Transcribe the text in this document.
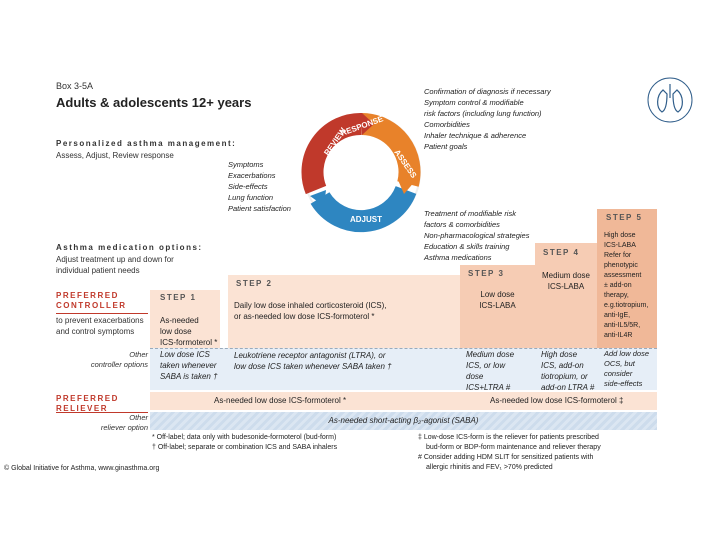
Box 3-5A
Adults & adolescents 12+ years
Personalized asthma management:
Assess, Adjust, Review response	REVIEW
RESPONSE
ASSESS
ADJUST
Confirmation of diagnosis if necessary
Symptom control & modifiable
risk factors (including lung function)
Comorbidities
Inhaler technique & adherence
Patient goals
Symptoms
Exacerbations
Side-effects
Lung function
Patient satisfaction
Treatment of modifiable risk
factors & comorbidities
Non-pharmacological strategies
Education & skills training
Asthma medications
Asthma medication options:
Adjust treatment up and down for
individual patient needs
STEP 1
STEP 2
STEP 3
STEP 4
STEP 5
PREFERRED
CONTROLLER
to prevent exacerbations
and control symptoms
As-needed
low dose
ICS-formoterol *
Daily low dose inhaled corticosteroid (ICS),
or as-needed low dose ICS-formoterol *
Low dose
ICS-LABA
Medium dose
ICS-LABA
High dose
ICS-LABA
Refer for
phenotypic
assessment
± add-on
therapy,
e.g.tiotropium,
anti-IgE,
anti-IL5/5R,
anti-IL4R
Other
controller options
Low dose ICS
taken whenever
SABA is taken †
Leukotriene receptor antagonist (LTRA), or
low dose ICS taken whenever SABA taken †
Medium dose
ICS, or low
dose
ICS+LTRA #
High dose
ICS, add-on
tiotropium, or
add-on LTRA #
Add low dose
OCS, but
consider
side-effects
PREFERRED
RELIEVER
As-needed low dose ICS-formoterol *	As-needed low dose ICS-formoterol ‡
Other
reliever option
As-needed short-acting β₂-agonist (SABA)
* Off-label; data only with budesonide-formoterol (bud-form)
† Off-label; separate or combination ICS and SABA inhalers
‡ Low-dose ICS-form is the reliever for patients prescribed
bud-form or BDP-form maintenance and reliever therapy
# Consider adding HDM SLIT for sensitized patients with
allergic rhinitis and FEV₁ >70% predicted
© Global Initiative for Asthma, www.ginasthma.org
